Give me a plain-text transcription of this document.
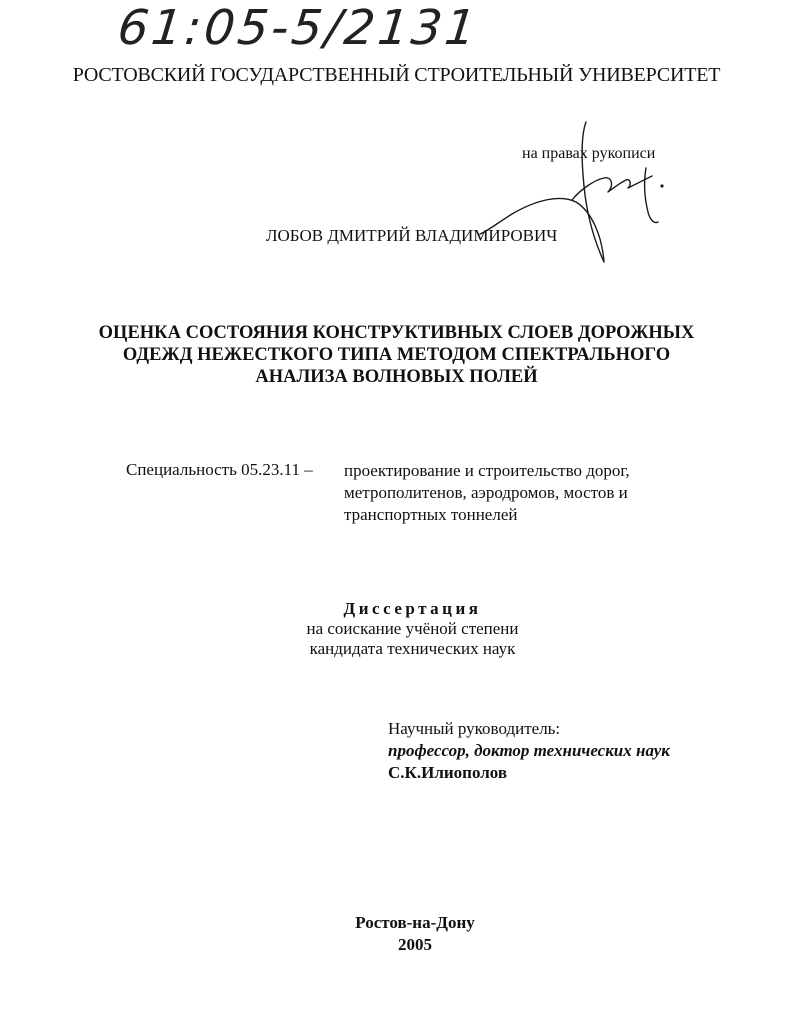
61:05-5/2131
РОСТОВСКИЙ ГОСУДАРСТВЕННЫЙ СТРОИТЕЛЬНЫЙ УНИВЕРСИТЕТ
на правах рукописи
ЛОБОВ ДМИТРИЙ ВЛАДИМИРОВИЧ
ОЦЕНКА СОСТОЯНИЯ КОНСТРУКТИВНЫХ СЛОЕВ ДОРОЖНЫХ
ОДЕЖД НЕЖЕСТКОГО ТИПА МЕТОДОМ СПЕКТРАЛЬНОГО
АНАЛИЗА ВОЛНОВЫХ ПОЛЕЙ
Специальность 05.23.11 – проектирование и строительство дорог,
метрополитенов, аэродромов, мостов и
транспортных тоннелей
Диссертация
на соискание учёной степени
кандидата технических наук
Научный руководитель:
профессор, доктор технических наук
С.К.Илиополов
Ростов-на-Дону
2005
